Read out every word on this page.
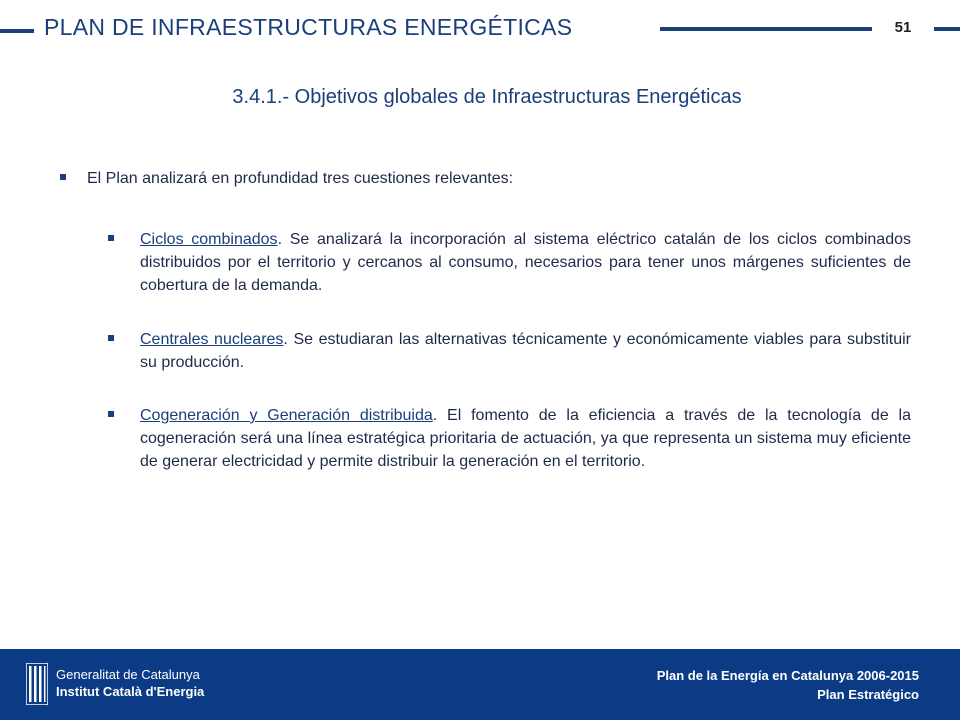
PLAN DE INFRAESTRUCTURAS ENERGÉTICAS	51
3.4.1.- Objetivos globales de Infraestructuras Energéticas
El Plan analizará en profundidad tres cuestiones relevantes:
Ciclos combinados. Se analizará la incorporación al sistema eléctrico catalán de los ciclos combinados distribuidos por el territorio y cercanos al consumo, necesarios para tener unos márgenes suficientes de cobertura de la demanda.
Centrales nucleares. Se estudiaran las alternativas técnicamente y económicamente viables para substituir su producción.
Cogeneración y Generación distribuida. El fomento de la eficiencia a través de la tecnología de la cogeneración será una línea estratégica prioritaria de actuación, ya que representa un sistema muy eficiente de generar electricidad y permite distribuir la generación en el territorio.
Generalitat de Catalunya
Institut Català d'Energia
Plan de la Energía en Catalunya 2006-2015
Plan Estratégico
